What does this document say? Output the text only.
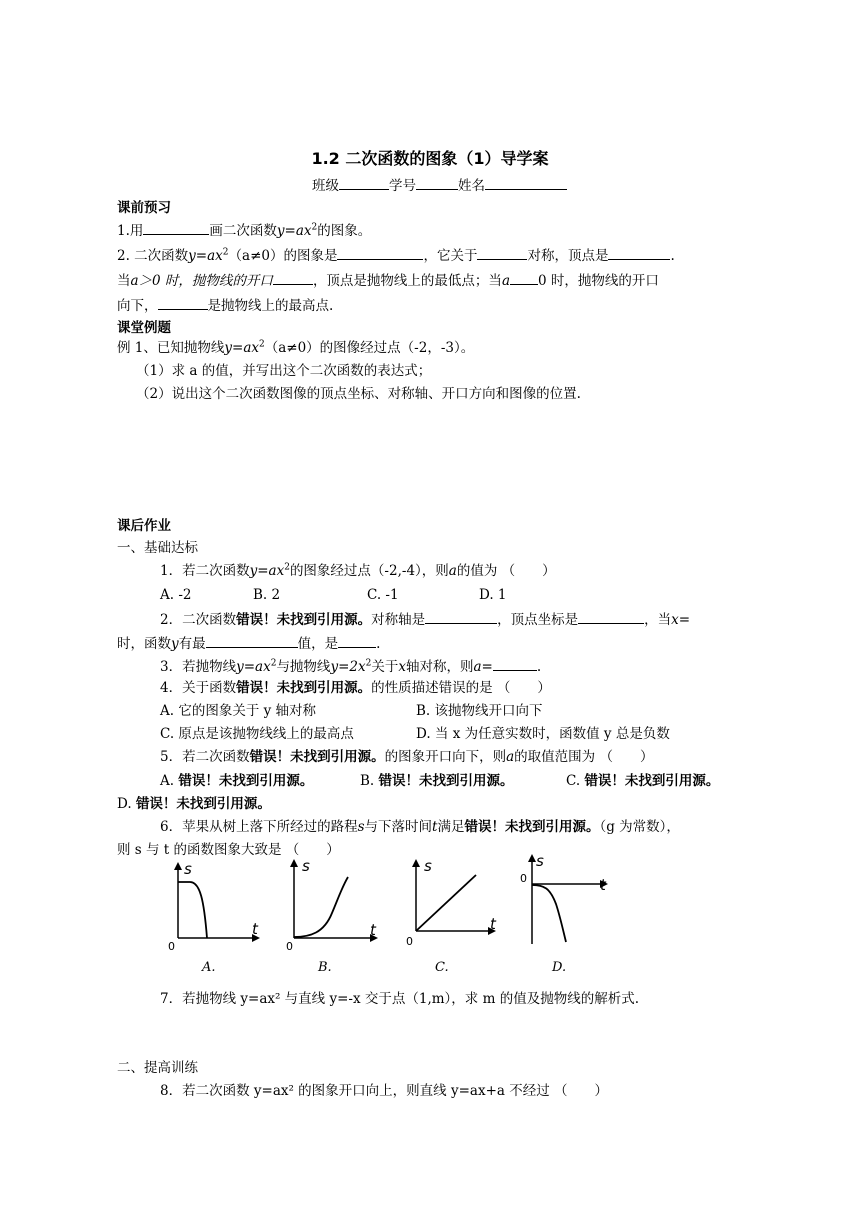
1.2 二次函数的图象（1）导学案
班级	学号	姓名
课前预习
1.用	画二次函数$y=ax^2$的图象。
2. 二次函数$y=ax^2(a\ne 0)$的图象是	，它关于	对称，顶点是	.
当a＞0 时，抛物线的开口	，顶点是抛物线上的最低点；当a 0 时，抛物线的开口
向下，	是抛物线上的最高点.
课堂例题
例 1、已知抛物线$y=ax^2(a\ne 0)$的图像经过点（-2，-3）。
（1）求 a 的值，并写出这个二次函数的表达式；
（2）说出这个二次函数图像的顶点坐标、对称轴、开口方向和图像的位置.
课后作业
一、基础达标
1．若二次函数$y=ax^2$的图象经过点（-2,-4），则a的值为 （　　）
A. -2	B. 2	C. -1	D. 1
2．二次函数错误！未找到引用源。对称轴是	，顶点坐标是	，当x=
时，函数y有最	值，是	.
3．若抛物线$y=ax^2$与抛物线$y=2x^2$关于x轴对称，则a=	.
4．关于函数错误！未找到引用源。的性质描述错误的是 （　　）
A. 它的图象关于 y 轴对称	B. 该抛物线开口向下
C. 原点是该抛物线线上的最高点	D. 当 x 为任意实数时，函数值 y 总是负数
5．若二次函数错误！未找到引用源。的图象开口向下，则a的取值范围为 （　　）
A. 错误！未找到引用源。	B. 错误！未找到引用源。	C. 错误！未找到引用源。
D. 错误！未找到引用源。
6．苹果从树上落下所经过的路程s与下落时间t满足错误！未找到引用源。（g 为常数），
则 s 与 t 的函数图象大致是 （　　）
s
t
0
A.
s
t
0
B.
s
t
0
C.
s
t
0
D.
7．若抛物线 y=ax² 与直线 y=-x 交于点（1,m），求 m 的值及抛物线的解析式.
二、提高训练
8．若二次函数 y=ax² 的图象开口向上，则直线 y=ax+a 不经过 （　　）
